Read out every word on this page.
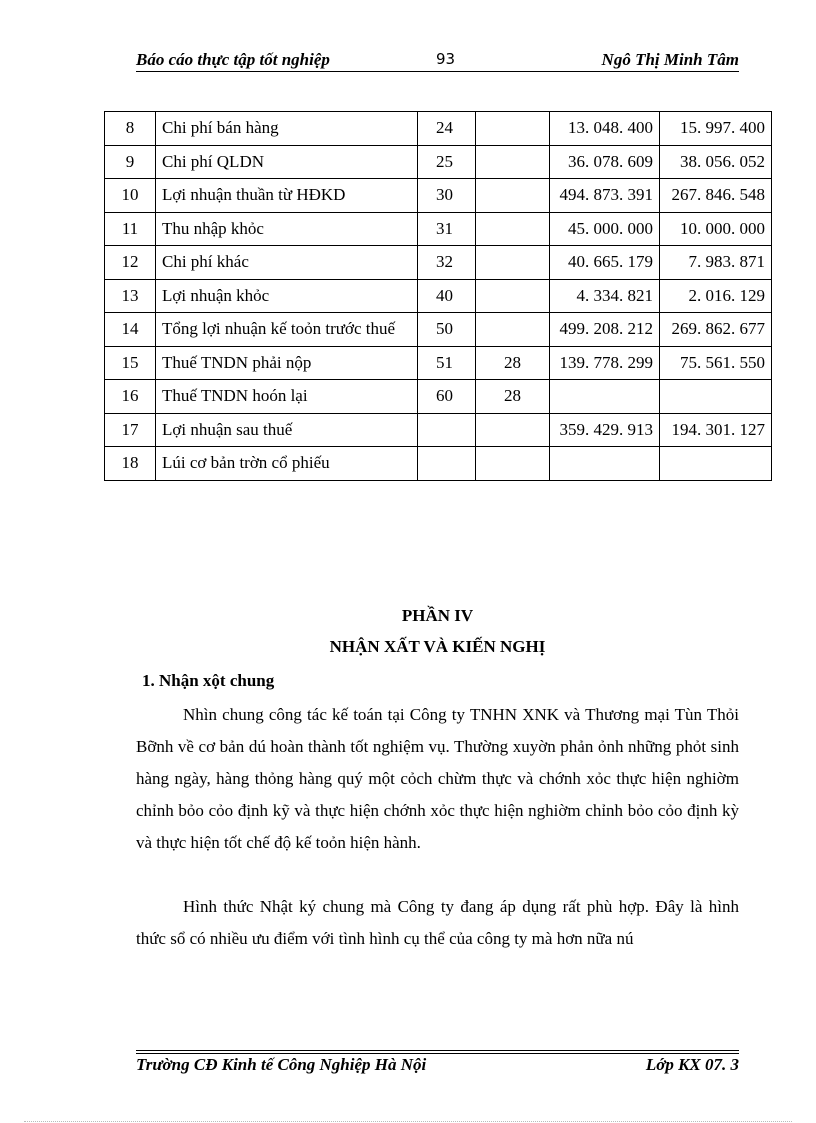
Báo cáo thực tập tốt nghiệp	93	Ngô Thị Minh Tâm
8	Chi phí bán hàng	24		13. 048. 400	15. 997. 400
9	Chi phí QLDN	25		36. 078. 609	38. 056. 052
10	Lợi nhuận thuần từ HĐKD	30		494. 873. 391	267. 846. 548
11	Thu nhập khỏc	31		45. 000. 000	10. 000. 000
12	Chi phí khác	32		40. 665. 179	7. 983. 871
13	Lợi nhuận khỏc	40		4. 334. 821	2. 016. 129
14	Tổng lợi nhuận kế toỏn trước thuế	50		499. 208. 212	269. 862. 677
15	Thuế TNDN phải nộp	51	28	139. 778. 299	75. 561. 550
16	Thuế TNDN hoón lại	60	28		
17	Lợi nhuận sau thuế			359. 429. 913	194. 301. 127
18	Lúi cơ bản trờn cổ phiếu				
PHẦN IV
NHẬN XẤT VÀ KIẾN NGHỊ
1. Nhận xột chung
Nhìn chung công tác kế toán tại Công ty TNHN XNK và Thương mại Tùn Thỏi Bỡnh về cơ bản dú hoàn thành tốt nghiệm vụ. Thường xuyờn phản ỏnh những phỏt sinh hàng ngày, hàng thỏng hàng quý một cỏch chừm thực và chớnh xỏc thực hiện nghiờm chỉnh bỏo cỏo định kỹ và thực hiện chớnh xỏc thực hiện nghiờm chỉnh bỏo cỏo định kỳ và thực hiện tốt chế độ kế toỏn hiện hành.
Hình thức Nhật ký chung mà Công ty đang áp dụng rất phù hợp. Đây là hình thức sổ có nhiều ưu điểm với tình hình cụ thể của công ty mà hơn nữa nú
Trường CĐ Kinh tế Công Nghiệp Hà Nội	Lớp KX 07. 3
